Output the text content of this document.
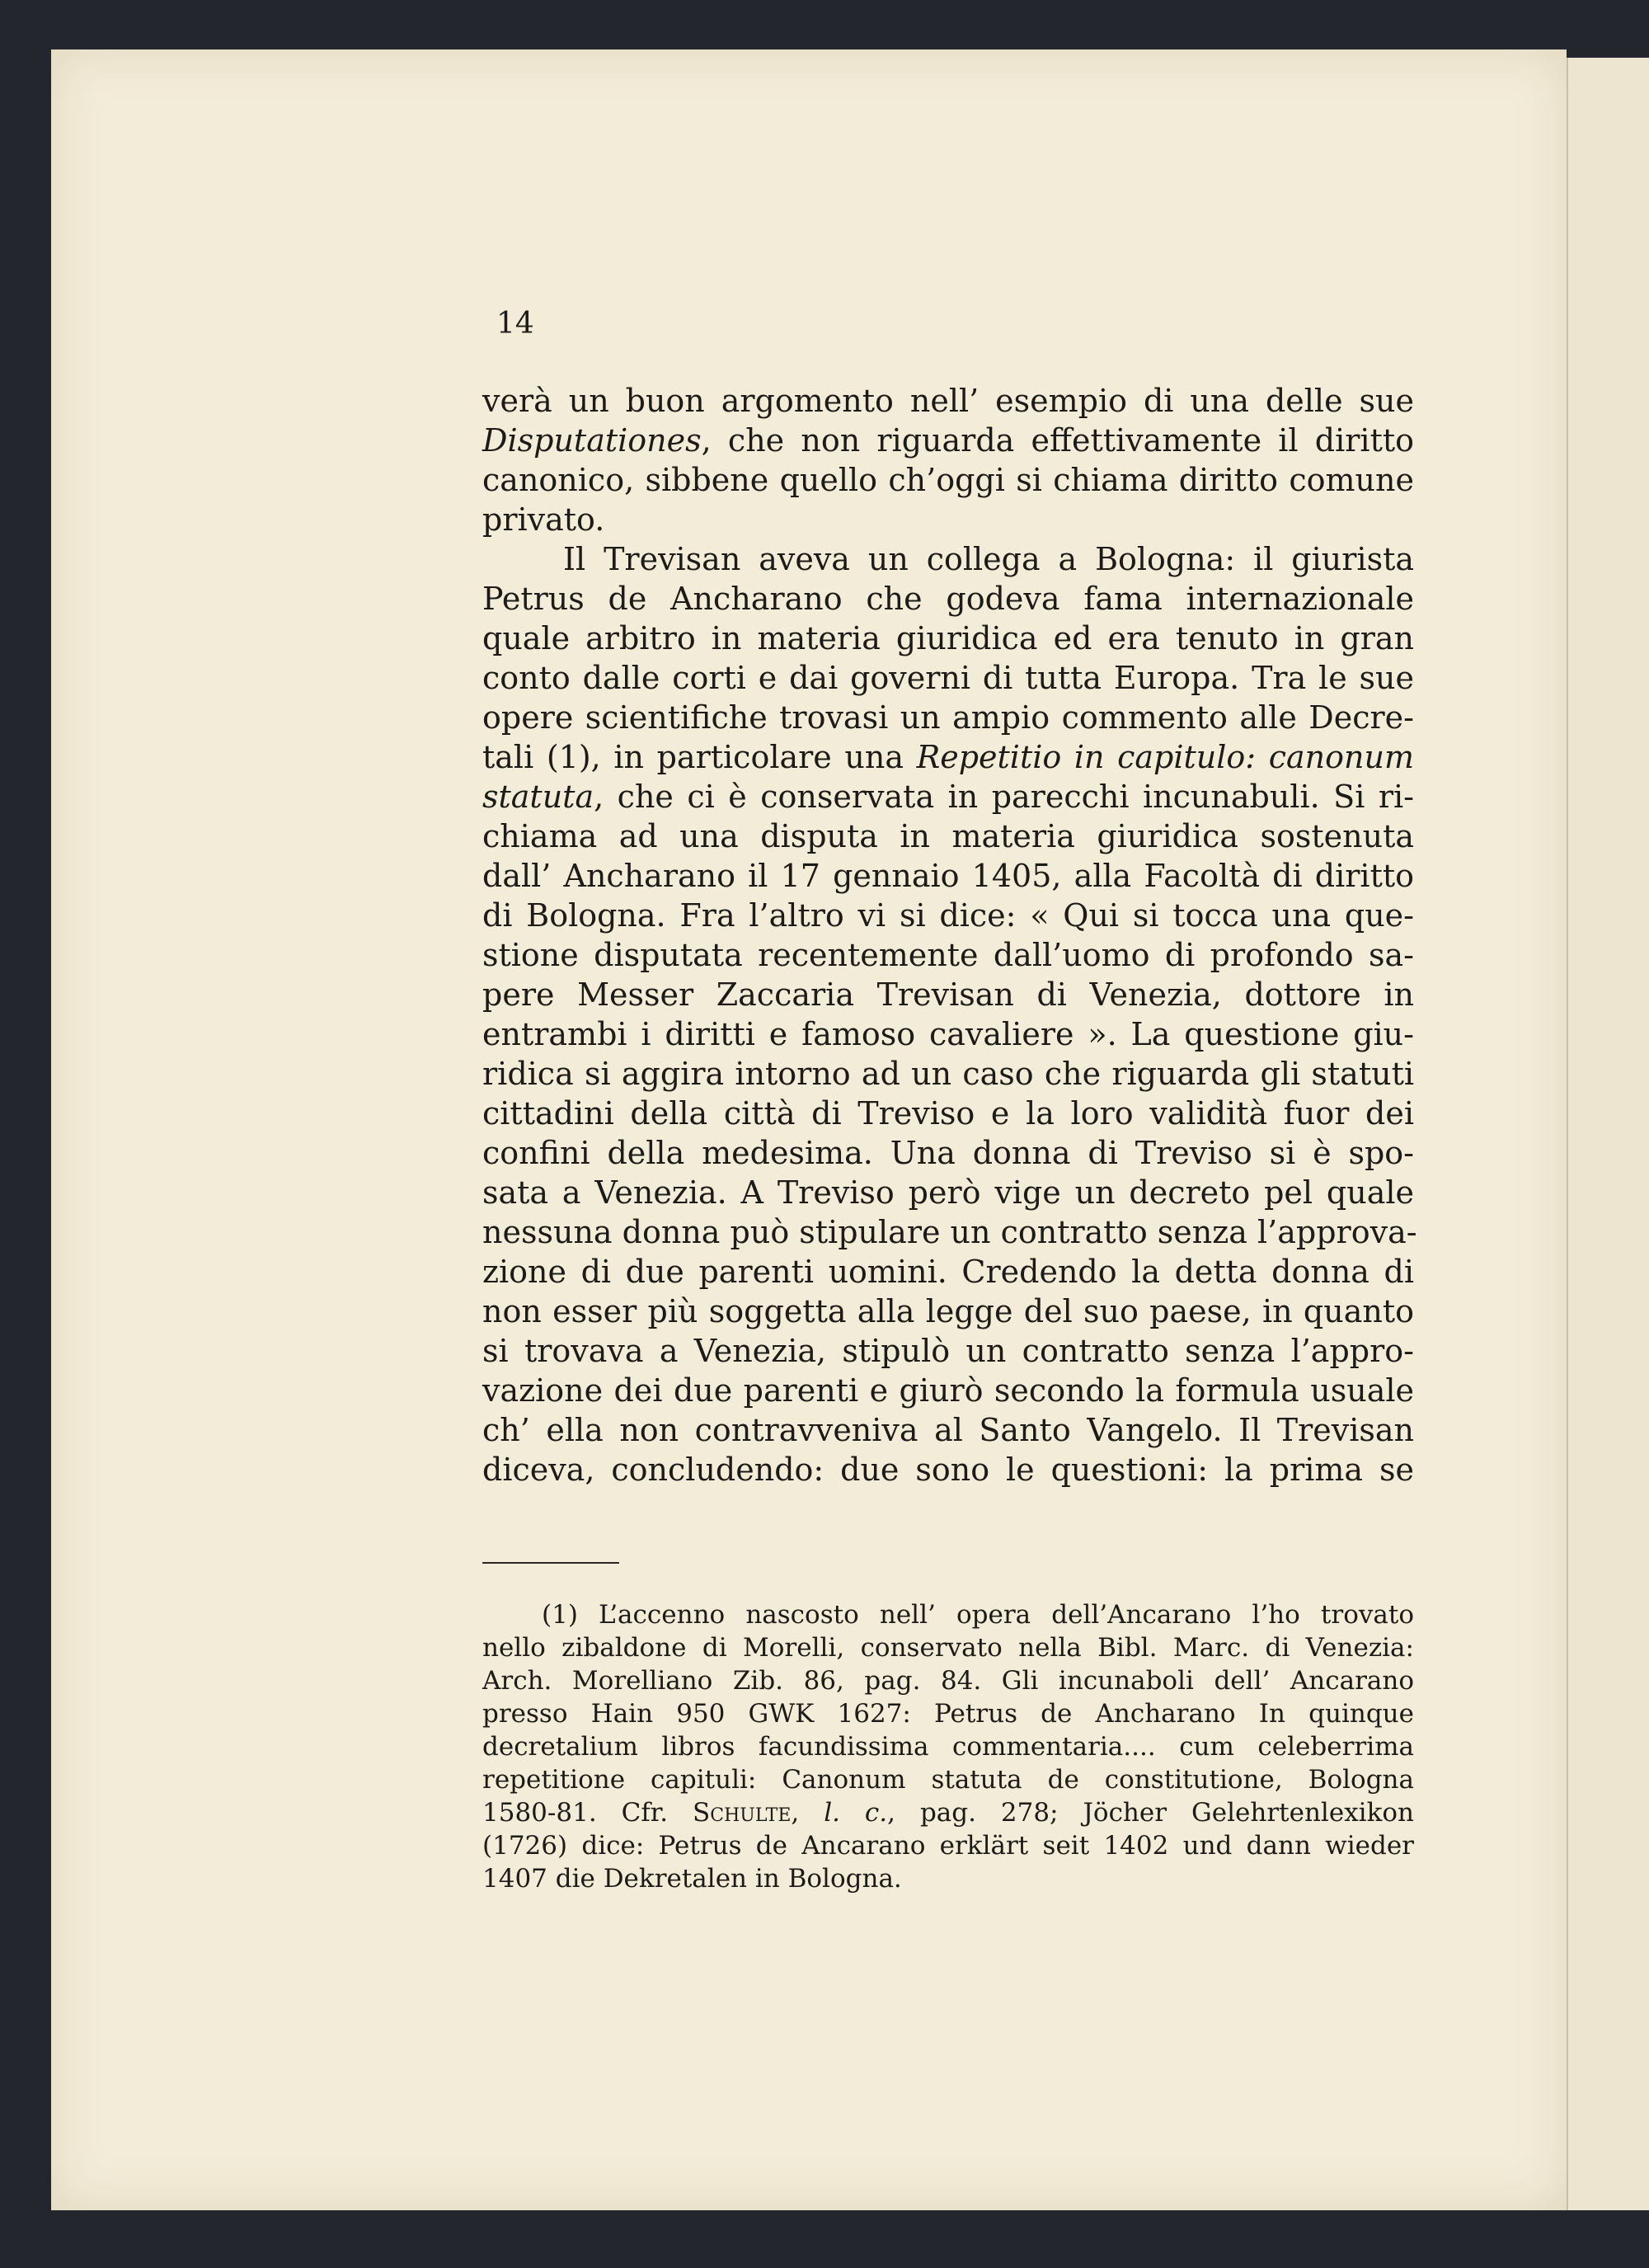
14
verà un buon argomento nell’ esempio di una delle sue
Disputationes, che non riguarda effettivamente il diritto
canonico, sibbene quello ch’oggi si chiama diritto comune
privato.
Il Trevisan aveva un collega a Bologna: il giurista
Petrus de Ancharano che godeva fama internazionale
quale arbitro in materia giuridica ed era tenuto in gran
conto dalle corti e dai governi di tutta Europa. Tra le sue
opere scientifiche trovasi un ampio commento alle Decre-
tali (1), in particolare una Repetitio in capitulo: canonum
statuta, che ci è conservata in parecchi incunabuli. Si ri-
chiama ad una disputa in materia giuridica sostenuta
dall’ Ancharano il 17 gennaio 1405, alla Facoltà di diritto
di Bologna. Fra l’altro vi si dice: « Qui si tocca una que-
stione disputata recentemente dall’uomo di profondo sa-
pere Messer Zaccaria Trevisan di Venezia, dottore in
entrambi i diritti e famoso cavaliere ». La questione giu-
ridica si aggira intorno ad un caso che riguarda gli statuti
cittadini della città di Treviso e la loro validità fuor dei
confini della medesima. Una donna di Treviso si è spo-
sata a Venezia. A Treviso però vige un decreto pel quale
nessuna donna può stipulare un contratto senza l’approva-
zione di due parenti uomini. Credendo la detta donna di
non esser più soggetta alla legge del suo paese, in quanto
si trovava a Venezia, stipulò un contratto senza l’appro-
vazione dei due parenti e giurò secondo la formula usuale
ch’ ella non contravveniva al Santo Vangelo. Il Trevisan
diceva, concludendo: due sono le questioni: la prima se
(1) L’accenno nascosto nell’ opera dell’Ancarano l’ho trovato
nello zibaldone di Morelli, conservato nella Bibl. Marc. di Venezia:
Arch. Morelliano Zib. 86, pag. 84. Gli incunaboli dell’ Ancarano
presso Hain 950 GWK 1627: Petrus de Ancharano In quinque
decretalium libros facundissima commentaria.... cum celeberrima
repetitione capituli: Canonum statuta de constitutione, Bologna
1580-81. Cfr. Schulte, l. c., pag. 278; Jöcher Gelehrtenlexikon
(1726) dice: Petrus de Ancarano erklärt seit 1402 und dann wieder
1407 die Dekretalen in Bologna.
